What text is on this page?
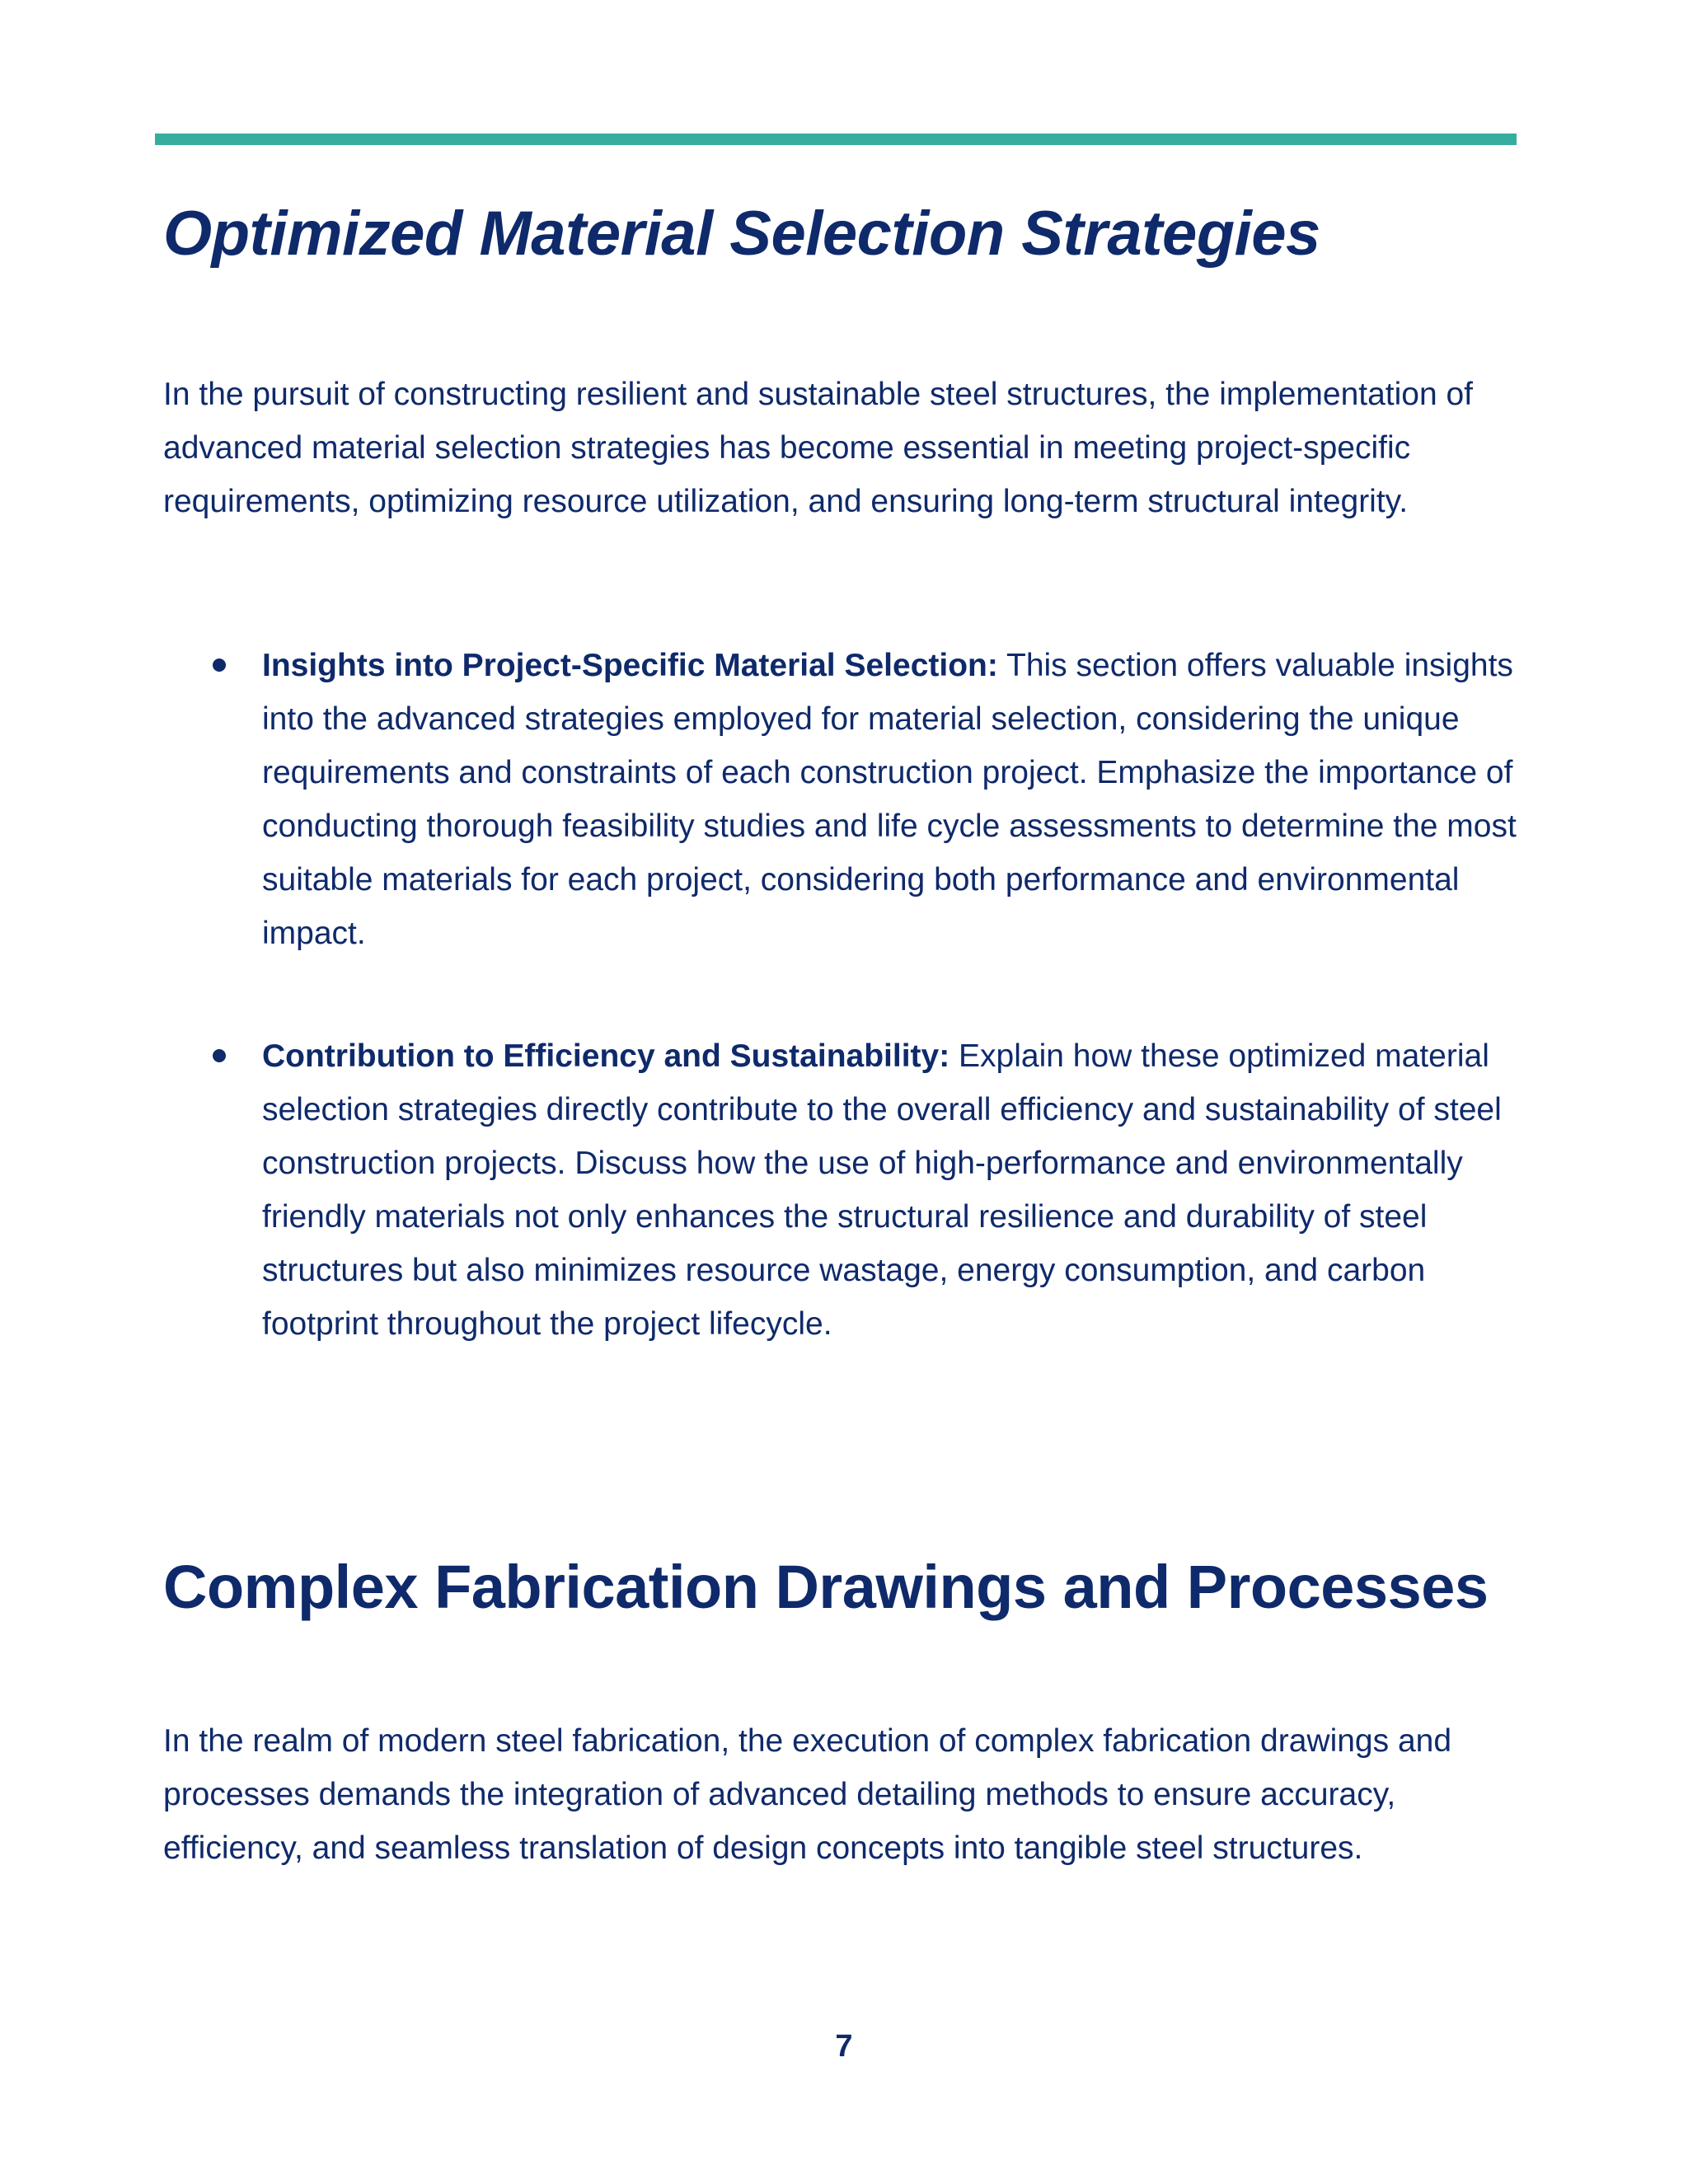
Optimized Material Selection Strategies

In the pursuit of constructing resilient and sustainable steel structures, the implementation of advanced material selection strategies has become essential in meeting project-specific requirements, optimizing resource utilization, and ensuring long-term structural integrity.

Insights into Project-Specific Material Selection: This section offers valuable insights into the advanced strategies employed for material selection, considering the unique requirements and constraints of each construction project. Emphasize the importance of conducting thorough feasibility studies and life cycle assessments to determine the most suitable materials for each project, considering both performance and environmental impact.
Contribution to Efficiency and Sustainability: Explain how these optimized material selection strategies directly contribute to the overall efficiency and sustainability of steel construction projects. Discuss how the use of high-performance and environmentally friendly materials not only enhances the structural resilience and durability of steel structures but also minimizes resource wastage, energy consumption, and carbon footprint throughout the project lifecycle.
Complex Fabrication Drawings and Processes

In the realm of modern steel fabrication, the execution of complex fabrication drawings and processes demands the integration of advanced detailing methods to ensure accuracy, efficiency, and seamless translation of design concepts into tangible steel structures.

7
